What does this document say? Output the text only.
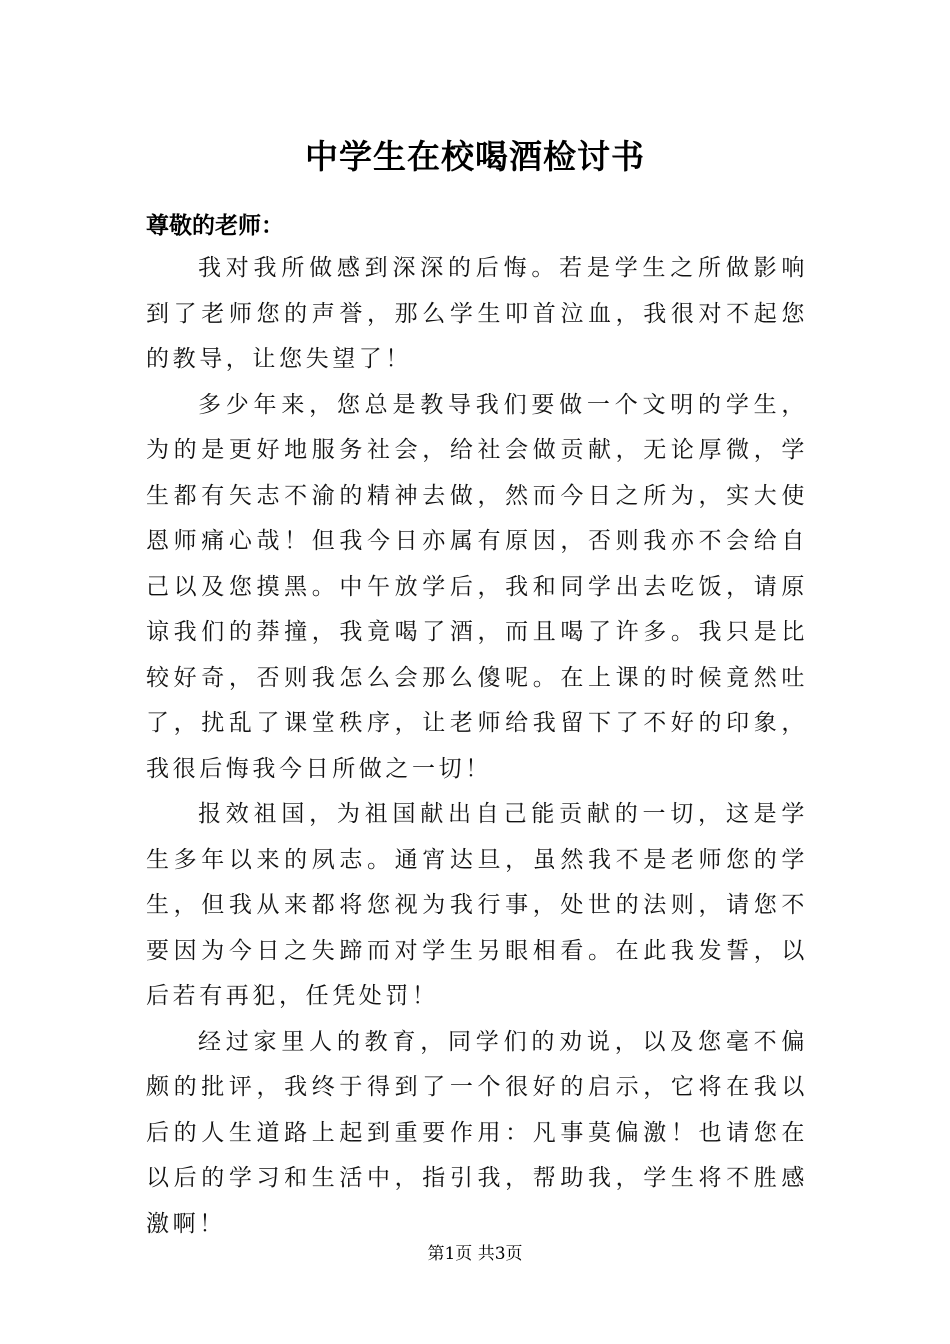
中学生在校喝酒检讨书
尊敬的老师：

我对我所做感到深深的后悔。若是学生之所做影响到了老师您的声誉，那么学生叩首泣血，我很对不起您的教导，让您失望了！

多少年来，您总是教导我们要做一个文明的学生，为的是更好地服务社会，给社会做贡献，无论厚微，学生都有矢志不渝的精神去做，然而今日之所为，实大使恩师痛心哉！但我今日亦属有原因，否则我亦不会给自己以及您摸黑。中午放学后，我和同学出去吃饭，请原谅我们的莽撞，我竟喝了酒，而且喝了许多。我只是比较好奇，否则我怎么会那么傻呢。在上课的时候竟然吐了，扰乱了课堂秩序，让老师给我留下了不好的印象，我很后悔我今日所做之一切！

报效祖国，为祖国献出自己能贡献的一切，这是学生多年以来的夙志。通宵达旦，虽然我不是老师您的学生，但我从来都将您视为我行事，处世的法则，请您不要因为今日之失蹄而对学生另眼相看。在此我发誓，以后若有再犯，任凭处罚！

经过家里人的教育，同学们的劝说，以及您毫不偏颇的批评，我终于得到了一个很好的启示，它将在我以后的人生道路上起到重要作用：凡事莫偏激！也请您在以后的学习和生活中，指引我，帮助我，学生将不胜感激啊！

第1页 共3页
